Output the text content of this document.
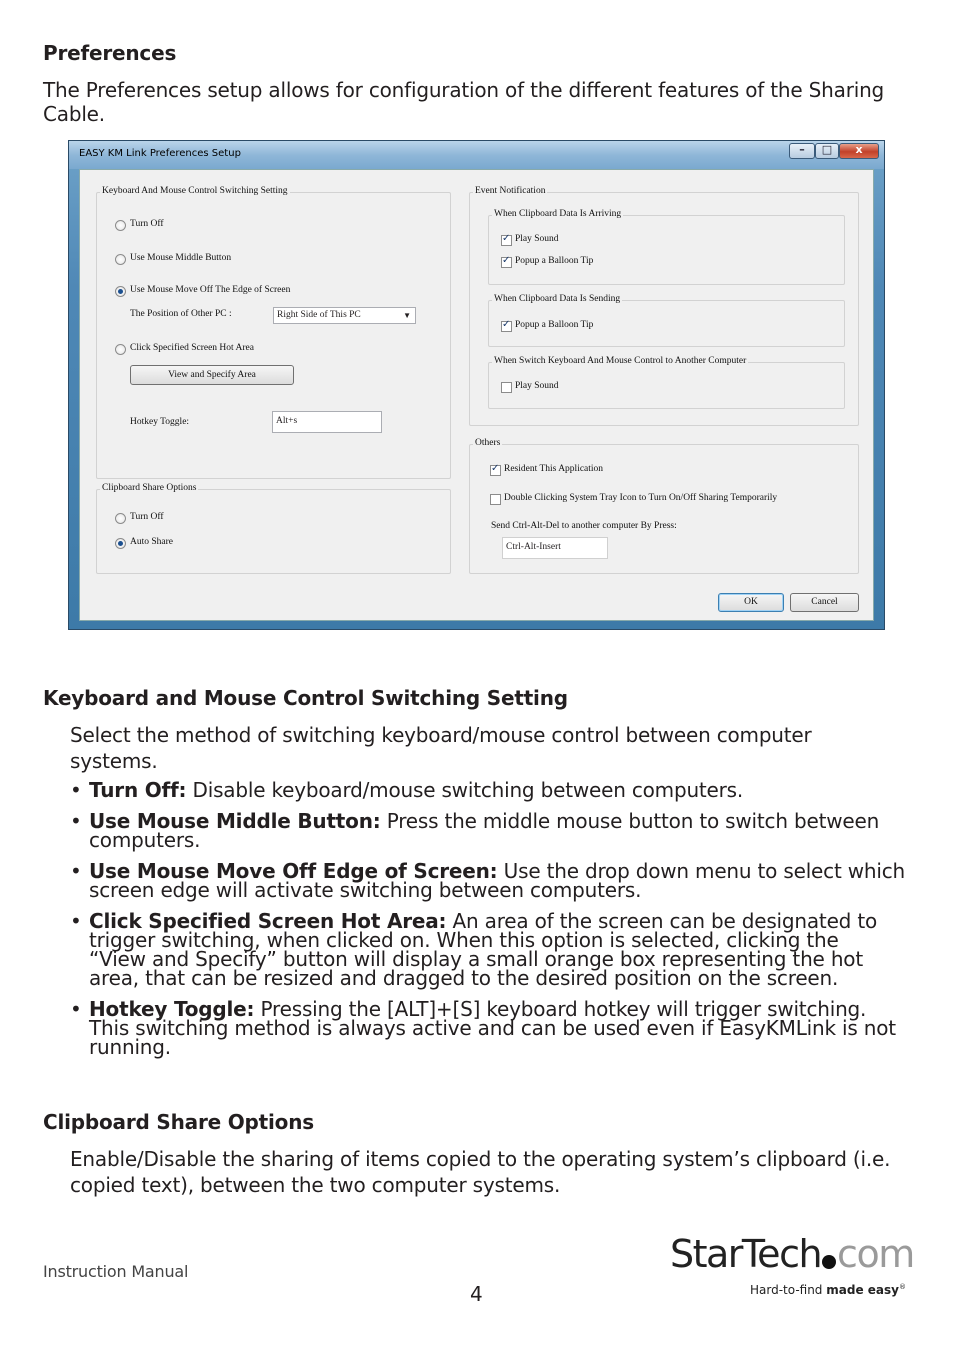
Preferences
The Preferences setup allows for configuration of the different features of the Sharing
Cable.
EASY KM Link Preferences Setup	–	□	x
Keyboard And Mouse Control Switching Setting
Turn Off
Use Mouse Middle Button
Use Mouse Move Off The Edge of Screen
The Position of Other PC :	Right Side of This PC	▼
Click Specified Screen Hot Area
View and Specify Area
Hotkey Toggle:	Alt+s
Clipboard Share Options
Turn Off
Auto Share
Event Notification
When Clipboard Data Is Arriving
✓ Play Sound
✓ Popup a Balloon Tip
When Clipboard Data Is Sending
✓ Popup a Balloon Tip
When Switch Keyboard And Mouse Control to Another Computer
Play Sound
Others
✓ Resident This Application
Double Clicking System Tray Icon to Turn On/Off Sharing Temporarily
Send Ctrl-Alt-Del to another computer By Press:
Ctrl-Alt-Insert
OK	Cancel
Keyboard and Mouse Control Switching Setting
Select the method of switching keyboard/mouse control between computer
systems.
• Turn Off: Disable keyboard/mouse switching between computers.
• Use Mouse Middle Button: Press the middle mouse button to switch between
computers.
• Use Mouse Move Off Edge of Screen: Use the drop down menu to select which
screen edge will activate switching between computers.
• Click Specified Screen Hot Area: An area of the screen can be designated to
trigger switching, when clicked on. When this option is selected, clicking the
“View and Specify” button will display a small orange box representing the hot
area, that can be resized and dragged to the desired position on the screen.
• Hotkey Toggle: Pressing the [ALT]+[S] keyboard hotkey will trigger switching.
This switching method is always active and can be used even if EasyKMLink is not
running.
Clipboard Share Options
Enable/Disable the sharing of items copied to the operating system’s clipboard (i.e.
copied text), between the two computer systems.
Instruction Manual
4
StarTech com
Hard-to-find made easy®
